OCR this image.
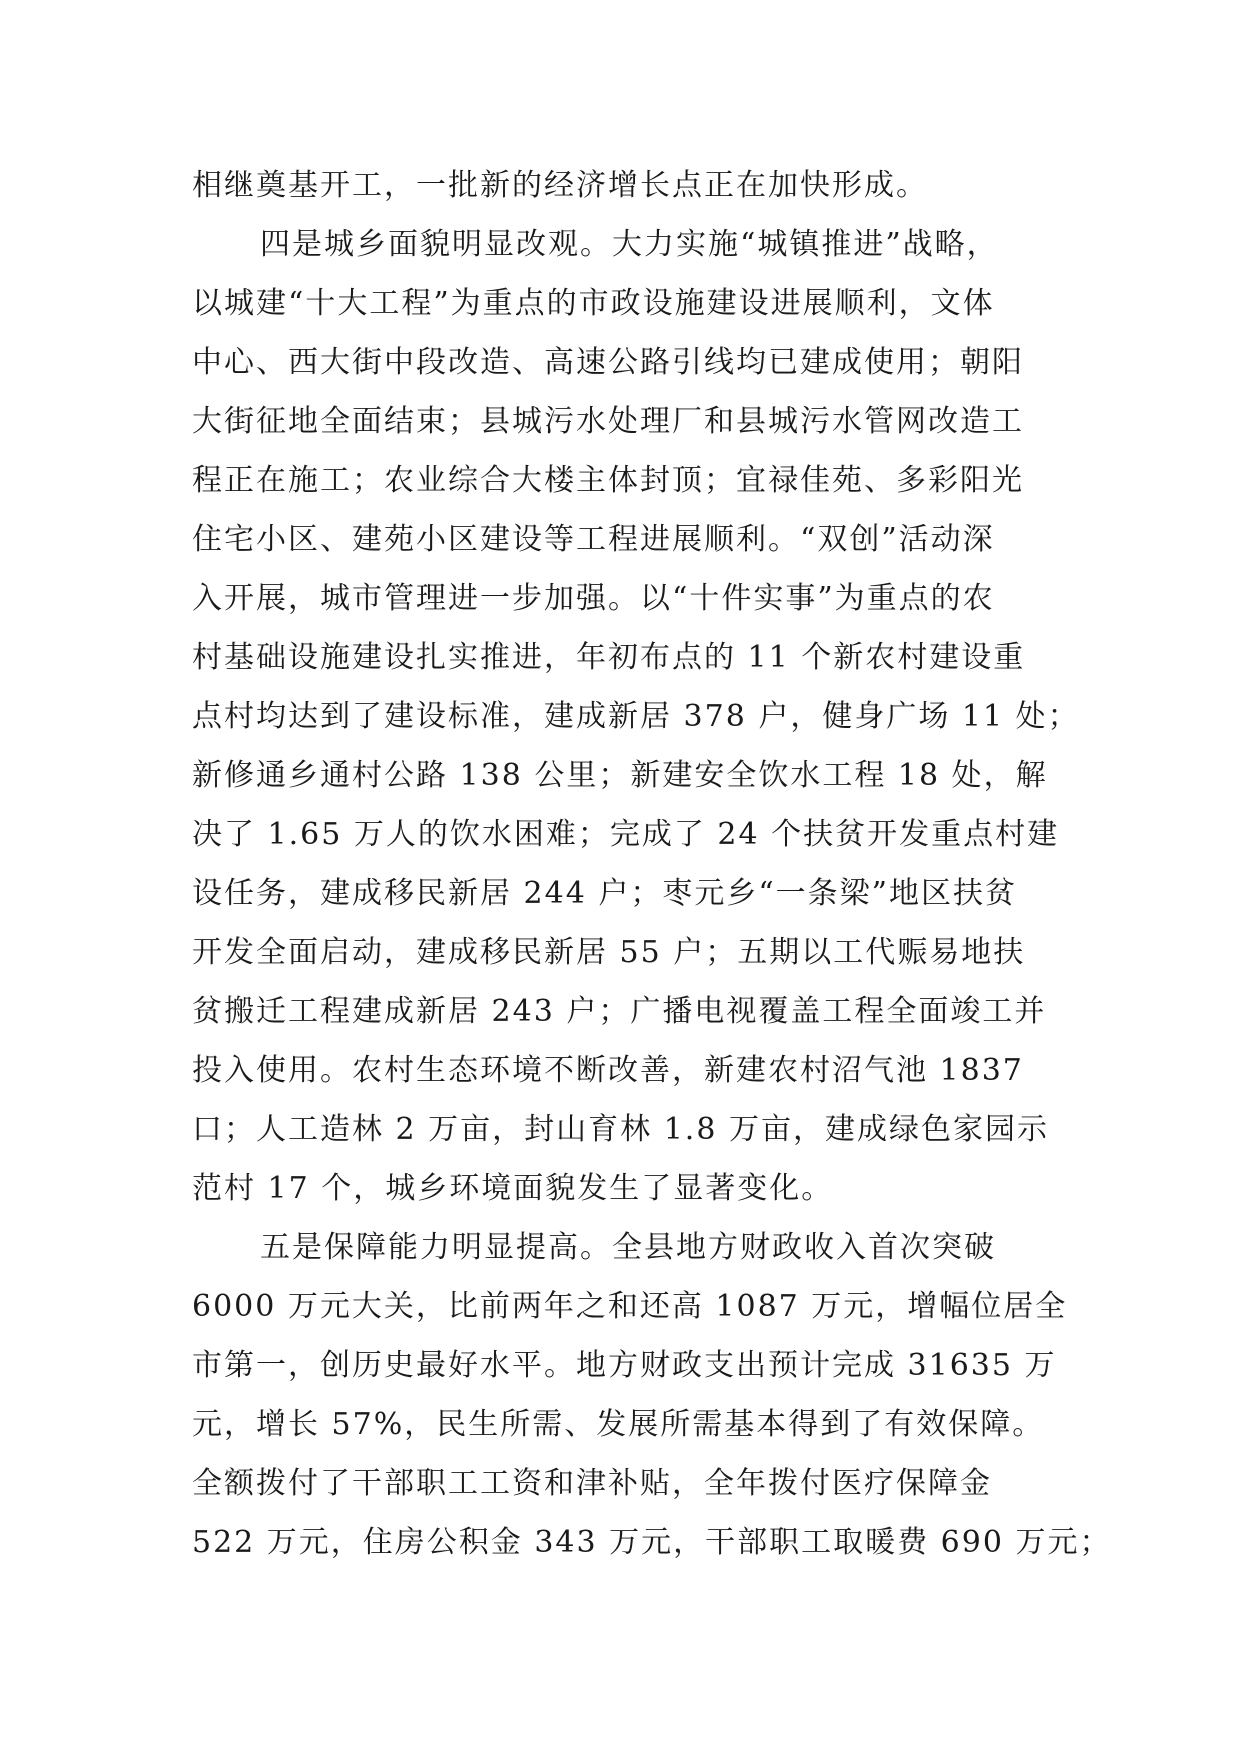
相继奠基开工，一批新的经济增长点正在加快形成。
四是城乡面貌明显改观。大力实施“城镇推进”战略，
以城建“十大工程”为重点的市政设施建设进展顺利，文体
中心、西大街中段改造、高速公路引线均已建成使用；朝阳
大街征地全面结束；县城污水处理厂和县城污水管网改造工
程正在施工；农业综合大楼主体封顶；宜禄佳苑、多彩阳光
住宅小区、建苑小区建设等工程进展顺利。“双创”活动深
入开展，城市管理进一步加强。以“十件实事”为重点的农
村基础设施建设扎实推进，年初布点的 11 个新农村建设重
点村均达到了建设标准，建成新居 378 户，健身广场 11 处；
新修通乡通村公路 138 公里；新建安全饮水工程 18 处，解
决了 1.65 万人的饮水困难；完成了 24 个扶贫开发重点村建
设任务，建成移民新居 244 户；枣元乡“一条梁”地区扶贫
开发全面启动，建成移民新居 55 户；五期以工代赈易地扶
贫搬迁工程建成新居 243 户；广播电视覆盖工程全面竣工并
投入使用。农村生态环境不断改善，新建农村沼气池 1837
口；人工造林 2 万亩，封山育林 1.8 万亩，建成绿色家园示
范村 17 个，城乡环境面貌发生了显著变化。
五是保障能力明显提高。全县地方财政收入首次突破
6000 万元大关，比前两年之和还高 1087 万元，增幅位居全
市第一，创历史最好水平。地方财政支出预计完成 31635 万
元，增长 57%，民生所需、发展所需基本得到了有效保障。
全额拨付了干部职工工资和津补贴，全年拨付医疗保障金
522 万元，住房公积金 343 万元，干部职工取暖费 690 万元；
